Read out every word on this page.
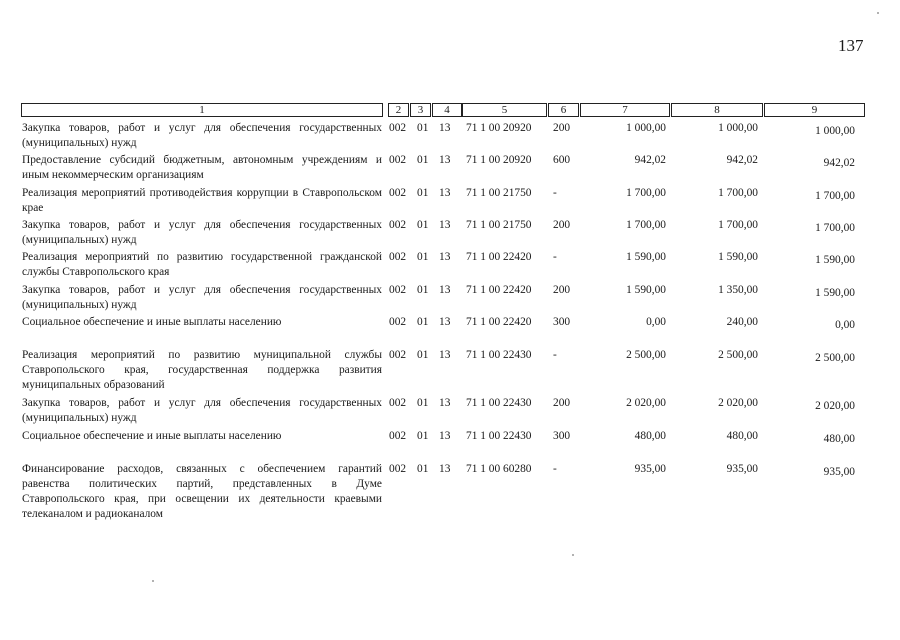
137
1	2	3	4	5	6	7	8	9
Закупка товаров, работ и услуг для обеспечения государственных (муниципальных) нужд
002 01 13	71 1 00 20920	200	1 000,00	1 000,00	1 000,00
Предоставление субсидий бюджетным, автономным учреждениям и иным некоммерческим организациям
002 01 13	71 1 00 20920	600	942,02	942,02	942,02
Реализация мероприятий противодействия коррупции в Ставропольском крае
002 01 13	71 1 00 21750	-	1 700,00	1 700,00	1 700,00
Закупка товаров, работ и услуг для обеспечения государственных (муниципальных) нужд
002 01 13	71 1 00 21750	200	1 700,00	1 700,00	1 700,00
Реализация мероприятий по развитию государственной гражданской службы Ставропольского края
002 01 13	71 1 00 22420	-	1 590,00	1 590,00	1 590,00
Закупка товаров, работ и услуг для обеспечения государственных (муниципальных) нужд
002 01 13	71 1 00 22420	200	1 590,00	1 350,00	1 590,00
Социальное обеспечение и иные выплаты населению	002 01 13	71 1 00 22420	300	0,00	240,00	0,00
Реализация мероприятий по развитию муниципальной службы Ставропольского края, государственная поддержка развития муниципальных образований
002 01 13	71 1 00 22430	-	2 500,00	2 500,00	2 500,00
Закупка товаров, работ и услуг для обеспечения государственных (муниципальных) нужд
002 01 13	71 1 00 22430	200	2 020,00	2 020,00	2 020,00
Социальное обеспечение и иные выплаты населению	002 01 13	71 1 00 22430	300	480,00	480,00	480,00
Финансирование расходов, связанных с обеспечением гарантий равенства политических партий, представленных в Думе Ставропольского края, при освещении их деятельности краевыми телеканалом и радиоканалом
002 01 13	71 1 00 60280	-	935,00	935,00	935,00
